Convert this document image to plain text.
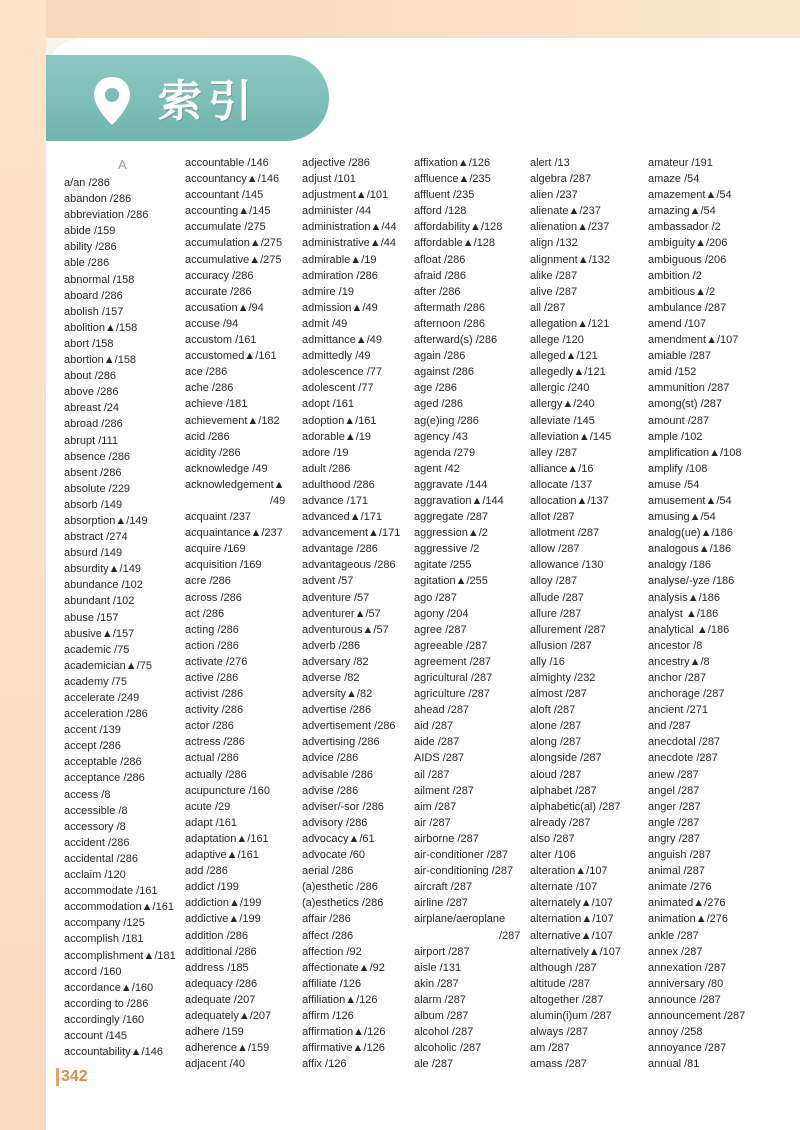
索引
A
a/an /286
abandon /286
abbreviation /286
abide /159
ability /286
able /286
abnormal /158
aboard /286
abolish /157
abolition▲/158
abort /158
abortion▲/158
about /286
above /286
abreast /24
abroad /286
abrupt /111
absence /286
absent /286
absolute /229
absorb /149
absorption▲/149
abstract /274
absurd /149
absurdity▲/149
abundance /102
abundant /102
abuse /157
abusive▲/157
academic /75
academician▲/75
academy /75
accelerate /249
acceleration /286
accent /139
accept /286
acceptable /286
acceptance /286
access /8
accessible /8
accessory /8
accident /286
accidental /286
acclaim /120
accommodate /161
accommodation▲/161
accompany /125
accomplish /181
accomplishment▲/181
accord /160
accordance▲/160
according to /286
accordingly /160
account /145
accountability▲/146
accountable /146
accountancy▲/146
accountant /145
accounting▲/145
accumulate /275
accumulation▲/275
accumulative▲/275
accuracy /286
accurate /286
accusation▲/94
accuse /94
accustom /161
accustomed▲/161
ace /286
ache /286
achieve /181
achievement▲/182
acid /286
acidity /286
acknowledge /49
acknowledgement▲
/49
acquaint /237
acquaintance▲/237
acquire /169
acquisition /169
acre /286
across /286
act /286
acting /286
action /286
activate /276
active /286
activist /286
activity /286
actor /286
actress /286
actual /286
actually /286
acupuncture /160
acute /29
adapt /161
adaptation▲/161
adaptive▲/161
add /286
addict /199
addiction▲/199
addictive▲/199
addition /286
additional /286
address /185
adequacy /286
adequate /207
adequately▲/207
adhere /159
adherence▲/159
adjacent /40
adjective /286
adjust /101
adjustment▲/101
administer /44
administration▲/44
administrative▲/44
admirable▲/19
admiration /286
admire /19
admission▲/49
admit /49
admittance▲/49
admittedly /49
adolescence /77
adolescent /77
adopt /161
adoption▲/161
adorable▲/19
adore /19
adult /286
adulthood /286
advance /171
advanced▲/171
advancement▲/171
advantage /286
advantageous /286
advent /57
adventure /57
adventurer▲/57
adventurous▲/57
adverb /286
adversary /82
adverse /82
adversity▲/82
advertise /286
advertisement /286
advertising /286
advice /286
advisable /286
advise /286
adviser/-sor /286
advisory /286
advocacy▲/61
advocate /60
aerial /286
(a)esthetic /286
(a)esthetics /286
affair /286
affect /286
affection /92
affectionate▲/92
affiliate /126
affiliation▲/126
affirm /126
affirmation▲/126
affirmative▲/126
affix /126
affixation▲/126
affluence▲/235
affluent /235
afford /128
affordability▲/128
affordable▲/128
afloat /286
afraid /286
after /286
aftermath /286
afternoon /286
afterward(s) /286
again /286
against /286
age /286
aged /286
ag(e)ing /286
agency /43
agenda /279
agent /42
aggravate /144
aggravation▲/144
aggregate /287
aggression▲/2
aggressive /2
agitate /255
agitation▲/255
ago /287
agony /204
agree /287
agreeable /287
agreement /287
agricultural /287
agriculture /287
ahead /287
aid /287
aide /287
AIDS /287
ail /287
ailment /287
aim /287
air /287
airborne /287
air-conditioner /287
air-conditioning /287
aircraft /287
airline /287
airplane/aeroplane
/287
airport /287
aisle /131
akin /287
alarm /287
album /287
alcohol /287
alcoholic /287
ale /287
alert /13
algebra /287
alien /237
alienate▲/237
alienation▲/237
align /132
alignment▲/132
alike /287
alive /287
all /287
allegation▲/121
allege /120
alleged▲/121
allegedly▲/121
allergic /240
allergy▲/240
alleviate /145
alleviation▲/145
alley /287
alliance▲/16
allocate /137
allocation▲/137
allot /287
allotment /287
allow /287
allowance /130
alloy /287
allude /287
allure /287
allurement /287
allusion /287
ally /16
almighty /232
almost /287
aloft /287
alone /287
along /287
alongside /287
aloud /287
alphabet /287
alphabetic(al) /287
already /287
also /287
alter /106
alteration▲/107
alternate /107
alternately▲/107
alternation▲/107
alternative▲/107
alternatively▲/107
although /287
altitude /287
altogether /287
alumin(i)um /287
always /287
am /287
amass /287
amateur /191
amaze /54
amazement▲/54
amazing▲/54
ambassador /2
ambiguity▲/206
ambiguous /206
ambition /2
ambitious▲/2
ambulance /287
amend /107
amendment▲/107
amiable /287
amid /152
ammunition /287
among(st) /287
amount /287
ample /102
amplification▲/108
amplify /108
amuse /54
amusement▲/54
amusing▲/54
analog(ue)▲/186
analogous▲/186
analogy /186
analyse/-yze /186
analysis▲/186
analyst ▲/186
analytical ▲/186
ancestor /8
ancestry▲/8
anchor /287
anchorage /287
ancient /271
and /287
anecdotal /287
anecdote /287
anew /287
angel /287
anger /287
angle /287
angry /287
anguish /287
animal /287
animate /276
animated▲/276
animation▲/276
ankle /287
annex /287
annexation /287
anniversary /80
announce /287
announcement /287
annoy /258
annoyance /287
annual /81
342
